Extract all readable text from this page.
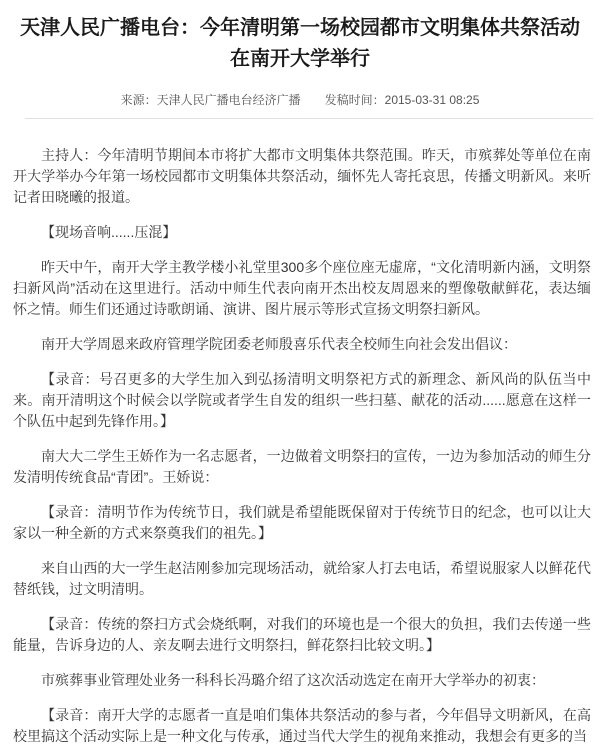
天津人民广播电台：今年清明第一场校园都市文明集体共祭活动在南开大学举行
来源：天津人民广播电台经济广播 发稿时间：2015-03-31 08:25

主持人：今年清明节期间本市将扩大都市文明集体共祭范围。昨天，市殡葬处等单位在南开大学举办今年第一场校园都市文明集体共祭活动，缅怀先人寄托哀思，传播文明新风。来听记者田晓曦的报道。

【现场音响......压混】

昨天中午，南开大学主教学楼小礼堂里300多个座位座无虚席，“文化清明新内涵，文明祭扫新风尚”活动在这里进行。活动中师生代表向南开杰出校友周恩来的塑像敬献鲜花，表达缅怀之情。师生们还通过诗歌朗诵、演讲、图片展示等形式宣扬文明祭扫新风。

南开大学周恩来政府管理学院团委老师殷喜乐代表全校师生向社会发出倡议：

【录音：号召更多的大学生加入到弘扬清明文明祭祀方式的新理念、新风尚的队伍当中来。南开清明这个时候会以学院或者学生自发的组织一些扫墓、献花的活动......愿意在这样一个队伍中起到先锋作用。】

南大大二学生王娇作为一名志愿者，一边做着文明祭扫的宣传，一边为参加活动的师生分发清明传统食品“青团”。王娇说：

【录音：清明节作为传统节日，我们就是希望能既保留对于传统节日的纪念，也可以让大家以一种全新的方式来祭奠我们的祖先。】

来自山西的大一学生赵洁刚参加完现场活动，就给家人打去电话，希望说服家人以鲜花代替纸钱，过文明清明。

【录音：传统的祭扫方式会烧纸啊，对我们的环境也是一个很大的负担，我们去传递一些能量，告诉身边的人、亲友啊去进行文明祭扫，鲜花祭扫比较文明。】

市殡葬事业管理处业务一科科长冯璐介绍了这次活动选定在南开大学举办的初衷：

【录音：南开大学的志愿者一直是咱们集体共祭活动的参与者，今年倡导文明新风，在高校里搞这个活动实际上是一种文化与传承，通过当代大学生的视角来推动，我想会有更多的当
